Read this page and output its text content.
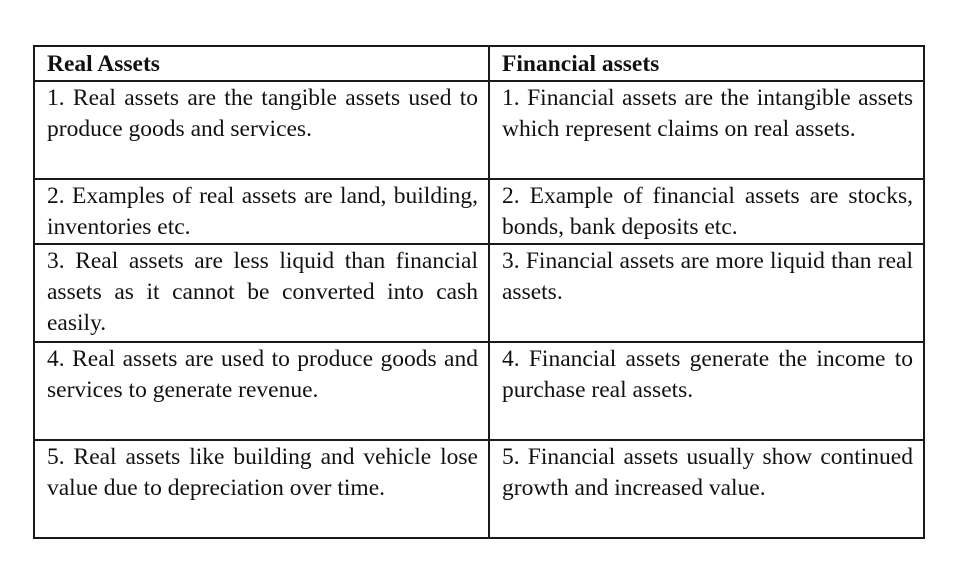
Real Assets	Financial assets
1. Real assets are the tangible assets used to produce goods and services.	1. Financial assets are the intangible assets which represent claims on real assets.
2. Examples of real assets are land, building, inventories etc.	2. Example of financial assets are stocks, bonds, bank deposits etc.
3. Real assets are less liquid than financial assets as it cannot be converted into cash easily.	3. Financial assets are more liquid than real assets.
4. Real assets are used to produce goods and services to generate revenue.	4. Financial assets generate the income to purchase real assets.
5. Real assets like building and vehicle lose value due to depreciation over time.	5. Financial assets usually show continued growth and increased value.
